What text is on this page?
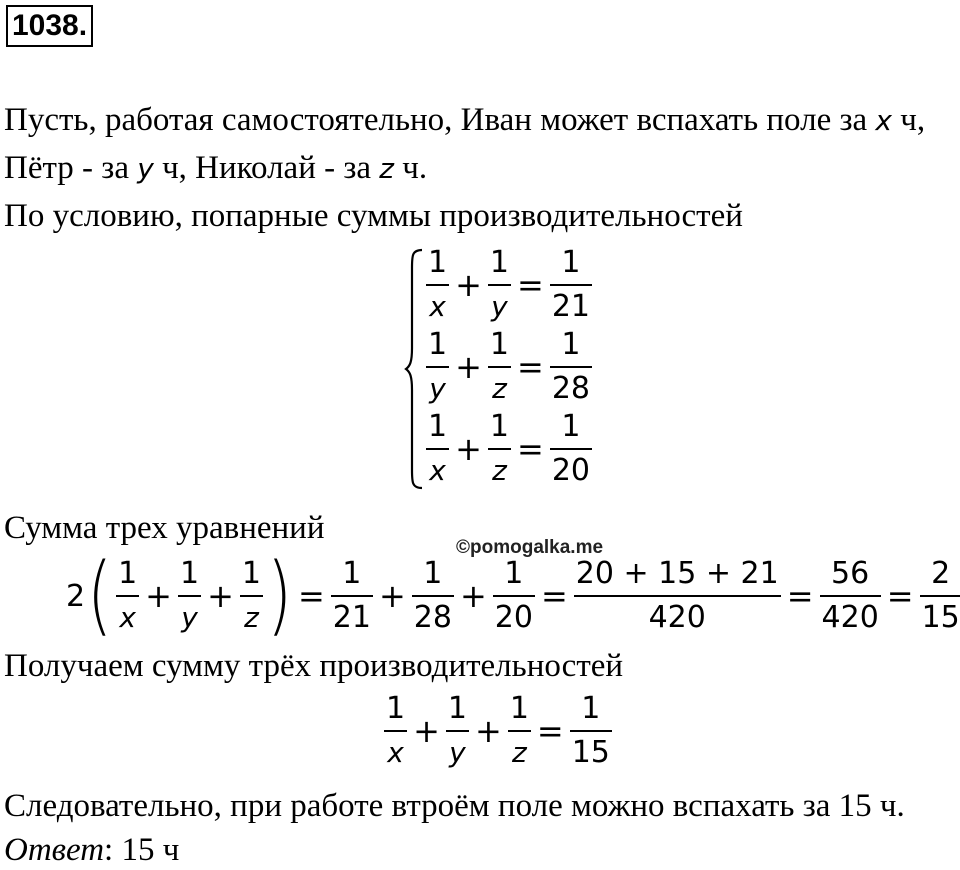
1038.
Пусть, работая самостоятельно, Иван может вспахать поле за x ч,
Пётр - за y ч, Николай - за z ч.
По условию, попарные суммы производительностей
$\frac{1}{x} + \frac{1}{y} = \frac{1}{21}$
$\frac{1}{y} + \frac{1}{z} = \frac{1}{28}$
$\frac{1}{x} + \frac{1}{z} = \frac{1}{20}$
Сумма трех уравнений
©pomogalka.me
2 ( $\frac{1}{x} + \frac{1}{y} + \frac{1}{z}$ ) = $\frac{1}{21} + \frac{1}{28} + \frac{1}{20} = \frac{20 + 15 + 21}{420} = \frac{56}{420} = \frac{2}{15}$
Получаем сумму трёх производительностей
$\frac{1}{x} + \frac{1}{y} + \frac{1}{z} = \frac{1}{15}$
Следовательно, при работе втроём поле можно вспахать за 15 ч.
Ответ: 15 ч
